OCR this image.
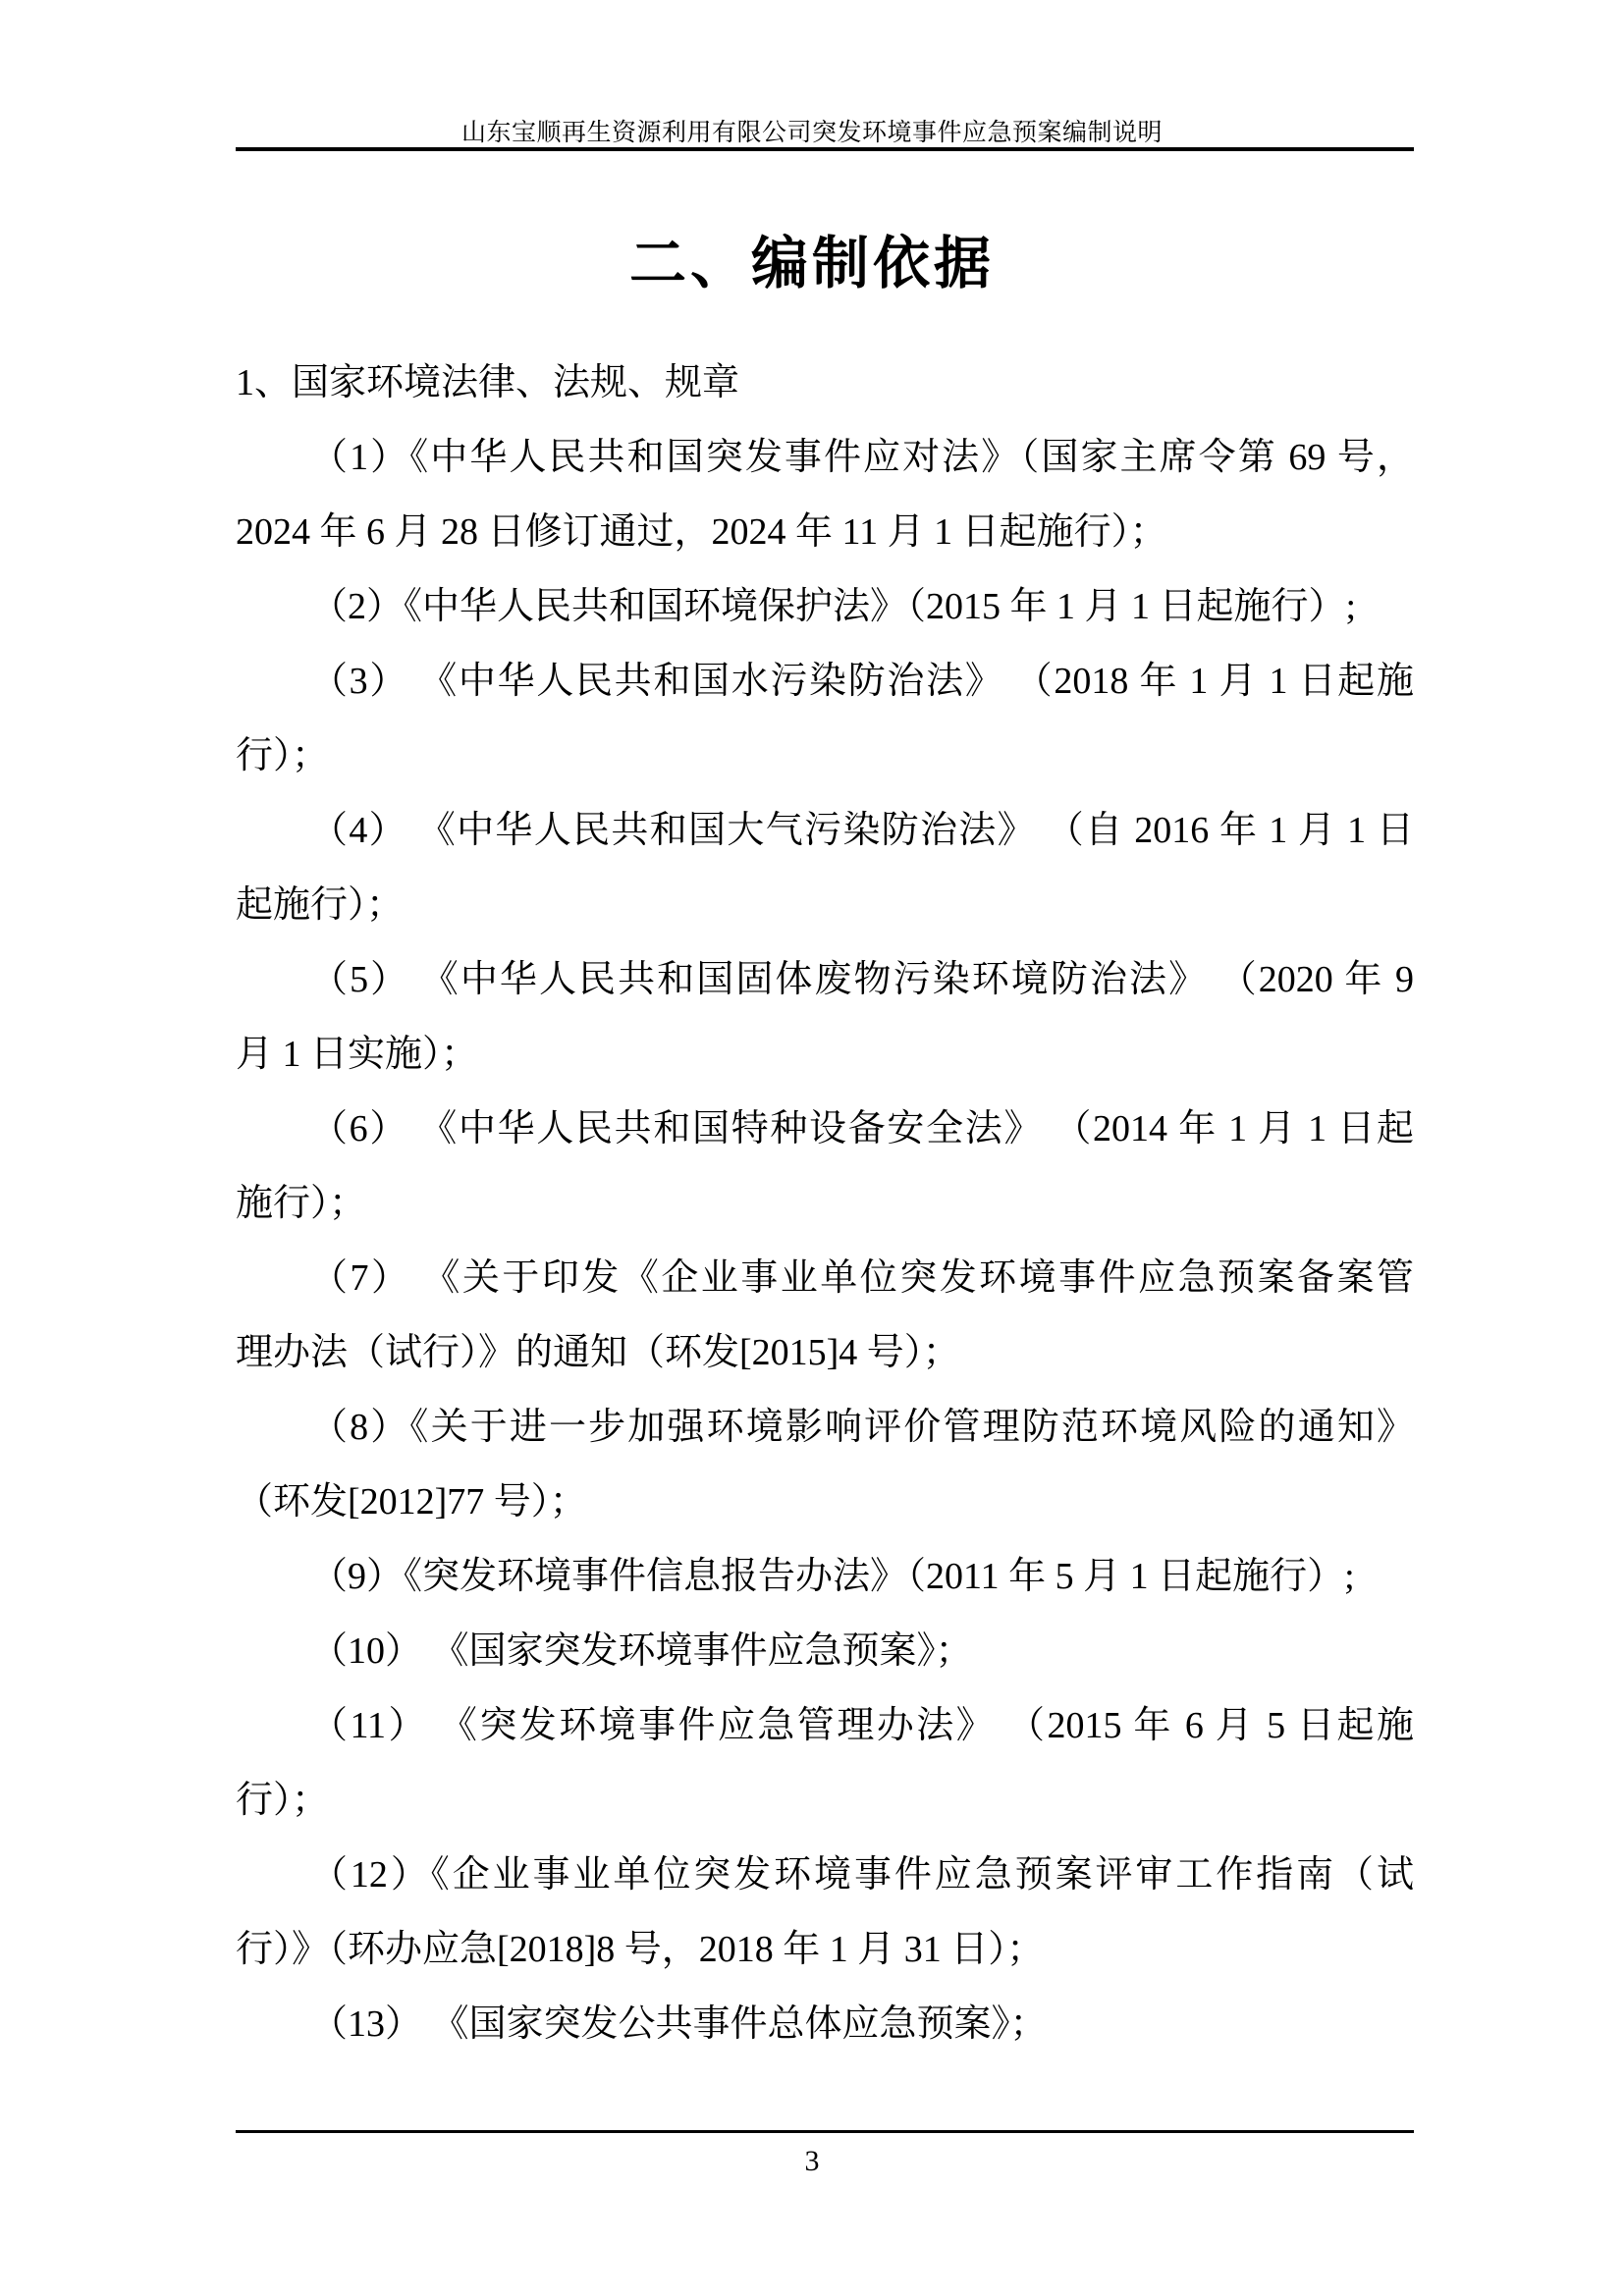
山东宝顺再生资源利用有限公司突发环境事件应急预案编制说明
二、编制依据
1、国家环境法律、法规、规章
（1）《中华人民共和国突发事件应对法》（国家主席令第 69 号，
2024 年 6 月 28 日修订通过，2024 年 11 月 1 日起施行）；
（2）《中华人民共和国环境保护法》（2015 年 1 月 1 日起施行）;
（3） 《中华人民共和国水污染防治法》 （2018 年 1 月 1 日起施
行）；
（4） 《中华人民共和国大气污染防治法》 （自 2016 年 1 月 1 日
起施行）；
（5） 《中华人民共和国固体废物污染环境防治法》 （2020 年 9
月 1 日实施）；
（6） 《中华人民共和国特种设备安全法》 （2014 年 1 月 1 日起
施行）；
（7） 《关于印发《企业事业单位突发环境事件应急预案备案管
理办法（试行）》的通知（环发[2015]4 号）；
（8）《关于进一步加强环境影响评价管理防范环境风险的通知》
（环发[2012]77 号）；
（9）《突发环境事件信息报告办法》（2011 年 5 月 1 日起施行）;
（10） 《国家突发环境事件应急预案》；
（11） 《突发环境事件应急管理办法》 （2015 年 6 月 5 日起施
行）；
（12）《企业事业单位突发环境事件应急预案评审工作指南（试
行）》（环办应急[2018]8 号，2018 年 1 月 31 日）；
（13） 《国家突发公共事件总体应急预案》；
3
